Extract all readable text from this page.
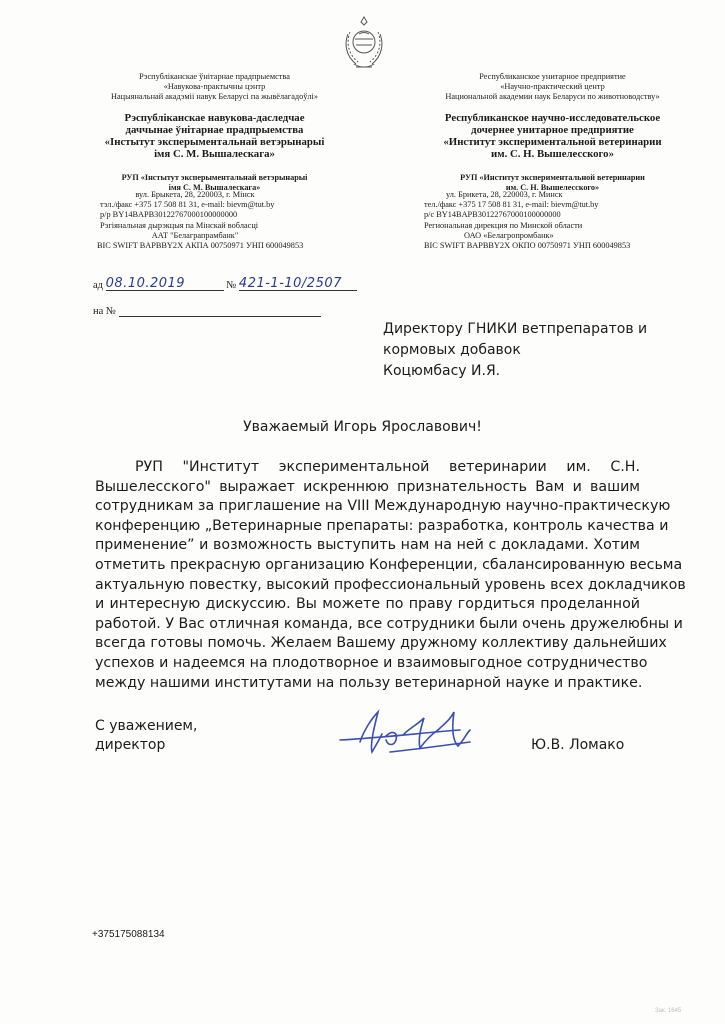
Рэспубліканскае ўнітарнае прадпрыемства
«Навукова-практычны цэнтр
Нацыянальнай акадэміі навук Беларусі па жывёлагадоўлі»
Рэспубліканскае навукова-даследчае
даччынае ўнітарнае прадпрыемства
«Інстытут эксперыментальнай ветэрынарыі
імя С. М. Вышалескага»
РУП «Інстытут эксперыментальнай ветэрынарыі
імя С. М. Вышалескага»
Республиканское унитарное предприятие
«Научно-практический центр
Национальной академии наук Беларуси по животноводству»
Республиканское научно-исследовательское
дочернее унитарное предприятие
«Институт экспериментальной ветеринарии
им. С. Н. Вышелесского»
РУП «Институт экспериментальной ветеринарии
им. С. Н. Вышелесского»
вул. Брыкета, 28, 220003, г. Мінск
тэл./факс +375 17 508 81 31, e-mail: bievm@tut.by
р/р BY14BAPB30122767000100000000
Рэгіянальная дырэкцыя па Мінскай вобласці
ААТ "Белаграпрамбанк"
BIC SWIFT BAPBBY2X АКПА 00750971 УНП 600049853
ул. Брикета, 28, 220003, г. Минск
тел./факс +375 17 508 81 31, e-mail: bievm@tut.by
р/с BY14BAPB30122767000100000000
Региональная дирекция по Минской области
ОАО «Белагропромбанк»
BIC SWIFT BAPBBY2X ОКПО 00750971 УНП 600049853
ад 08.10.2019	№ 421-1-10/2507
на №
Директору ГНИКИ ветпрепаратов и
кормовых добавок
Коцюмбасу И.Я.
Уважаемый Игорь Ярославович!
РУП "Институт экспериментальной ветеринарии им. С.Н.
Вышелесского" выражает искреннюю признательность Вам и вашим
сотрудникам за приглашение на VIII Международную научно-практическую
конференцию „Ветеринарные препараты: разработка, контроль качества и
применение” и возможность выступить нам на ней с докладами. Хотим
отметить прекрасную организацию Конференции, сбалансированную весьма
актуальную повестку, высокий профессиональный уровень всех докладчиков
и интересную дискуссию. Вы можете по праву гордиться проделанной
работой. У Вас отличная команда, все сотрудники были очень дружелюбны и
всегда готовы помочь. Желаем Вашему дружному коллективу дальнейших
успехов и надеемся на плодотворное и взаимовыгодное сотрудничество
между нашими институтами на пользу ветеринарной науке и практике.
С уважением,
директор	Ю.В. Ломако
+375175088134
Зак. 1645
